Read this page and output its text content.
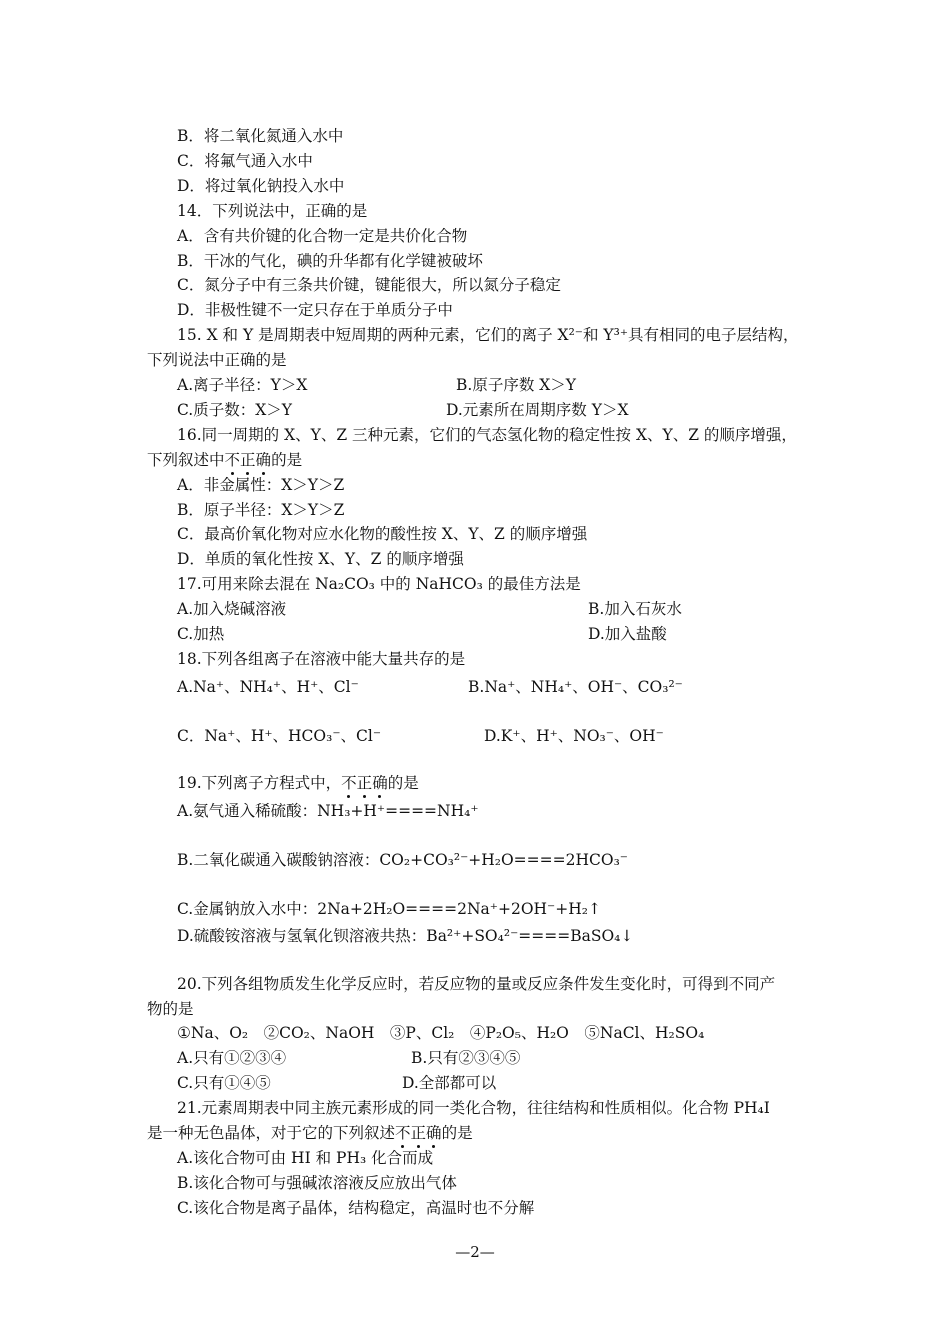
B．将二氧化氮通入水中
C．将氟气通入水中
D．将过氧化钠投入水中
14．下列说法中，正确的是
A．含有共价键的化合物一定是共价化合物
B．干冰的气化，碘的升华都有化学键被破坏
C．氮分子中有三条共价键，键能很大，所以氮分子稳定
D．非极性键不一定只存在于单质分子中
15. X 和 Y 是周期表中短周期的两种元素，它们的离子 X²⁻和 Y³⁺具有相同的电子层结构，
下列说法中正确的是
A.离子半径：Y＞X	B.原子序数 X＞Y
C.质子数：X＞Y	D.元素所在周期序数 Y＞X
16.同一周期的 X、Y、Z 三种元素，它们的气态氢化物的稳定性按 X、Y、Z 的顺序增强，
下列叙述中不正确的是
A．非金属性：X＞Y＞Z
B．原子半径：X＞Y＞Z
C．最高价氧化物对应水化物的酸性按 X、Y、Z 的顺序增强
D．单质的氧化性按 X、Y、Z 的顺序增强
17.可用来除去混在 Na₂CO₃ 中的 NaHCO₃ 的最佳方法是
A.加入烧碱溶液	B.加入石灰水
C.加热	D.加入盐酸
18.下列各组离子在溶液中能大量共存的是
A.Na⁺、NH₄⁺、H⁺、Cl⁻	B.Na⁺、NH₄⁺、OH⁻、CO₃²⁻
C．Na⁺、H⁺、HCO₃⁻、Cl⁻	D.K⁺、H⁺、NO₃⁻、OH⁻
19.下列离子方程式中，不正确的是
A.氨气通入稀硫酸：NH₃+H⁺====NH₄⁺
B.二氧化碳通入碳酸钠溶液：CO₂+CO₃²⁻+H₂O====2HCO₃⁻
C.金属钠放入水中：2Na+2H₂O====2Na⁺+2OH⁻+H₂↑
D.硫酸铵溶液与氢氧化钡溶液共热：Ba²⁺+SO₄²⁻====BaSO₄↓
20.下列各组物质发生化学反应时，若反应物的量或反应条件发生变化时，可得到不同产
物的是
①Na、O₂　②CO₂、NaOH　③P、Cl₂　④P₂O₅、H₂O　⑤NaCl、H₂SO₄
A.只有①②③④	B.只有②③④⑤
C.只有①④⑤	D.全部都可以
21.元素周期表中同主族元素形成的同一类化合物，往往结构和性质相似。化合物 PH₄I
是一种无色晶体，对于它的下列叙述不正确的是
A.该化合物可由 HI 和 PH₃ 化合而成
B.该化合物可与强碱浓溶液反应放出气体
C.该化合物是离子晶体，结构稳定，高温时也不分解
—2—
